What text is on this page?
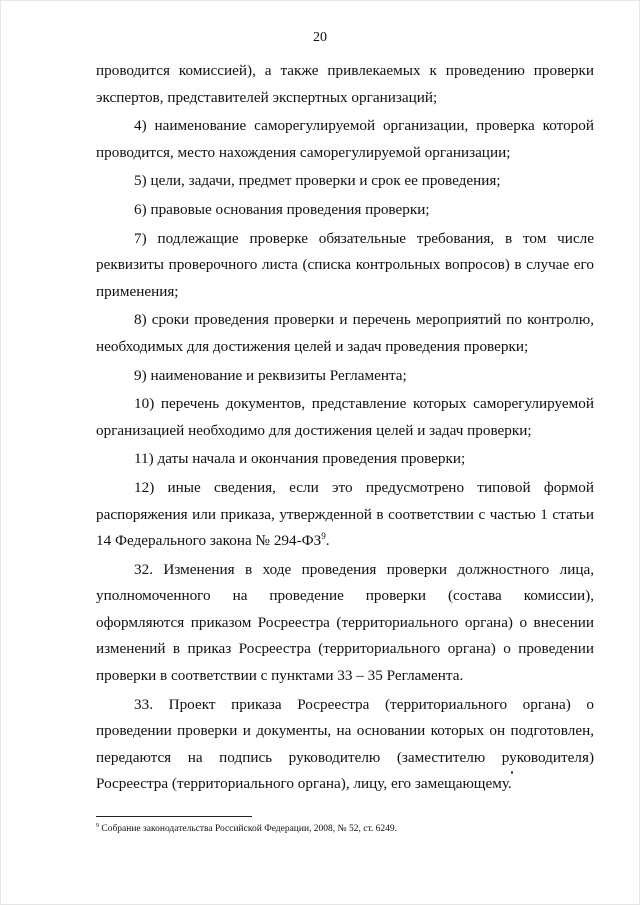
20

проводится комиссией), а также привлекаемых к проведению проверки экспертов, представителей экспертных организаций;

4) наименование саморегулируемой организации, проверка которой проводится, место нахождения саморегулируемой организации;

5) цели, задачи, предмет проверки и срок ее проведения;

6) правовые основания проведения проверки;

7) подлежащие проверке обязательные требования, в том числе реквизиты проверочного листа (списка контрольных вопросов) в случае его применения;

8) сроки проведения проверки и перечень мероприятий по контролю, необходимых для достижения целей и задач проведения проверки;

9) наименование и реквизиты Регламента;

10) перечень документов, представление которых саморегулируемой организацией необходимо для достижения целей и задач проверки;

11) даты начала и окончания проведения проверки;

12) иные сведения, если это предусмотрено типовой формой распоряжения или приказа, утвержденной в соответствии с частью 1 статьи 14 Федерального закона № $294-ФЗ^9$.

32. Изменения в ходе проведения проверки должностного лица, уполномоченного на проведение проверки (состава комиссии), оформляются приказом Росреестра (территориального органа) о внесении изменений в приказ Росреестра (территориального органа) о проведении проверки в соответствии с пунктами 33 – 35 Регламента.

33. Проект приказа Росреестра (территориального органа) о проведении проверки и документы, на основании которых он подготовлен, передаются на подпись руководителю (заместителю руководителя) Росреестра (территориального органа), лицу, его замещающему.

$^9$ Собрание законодательства Российской Федерации, 2008, № 52, ст. 6249.
